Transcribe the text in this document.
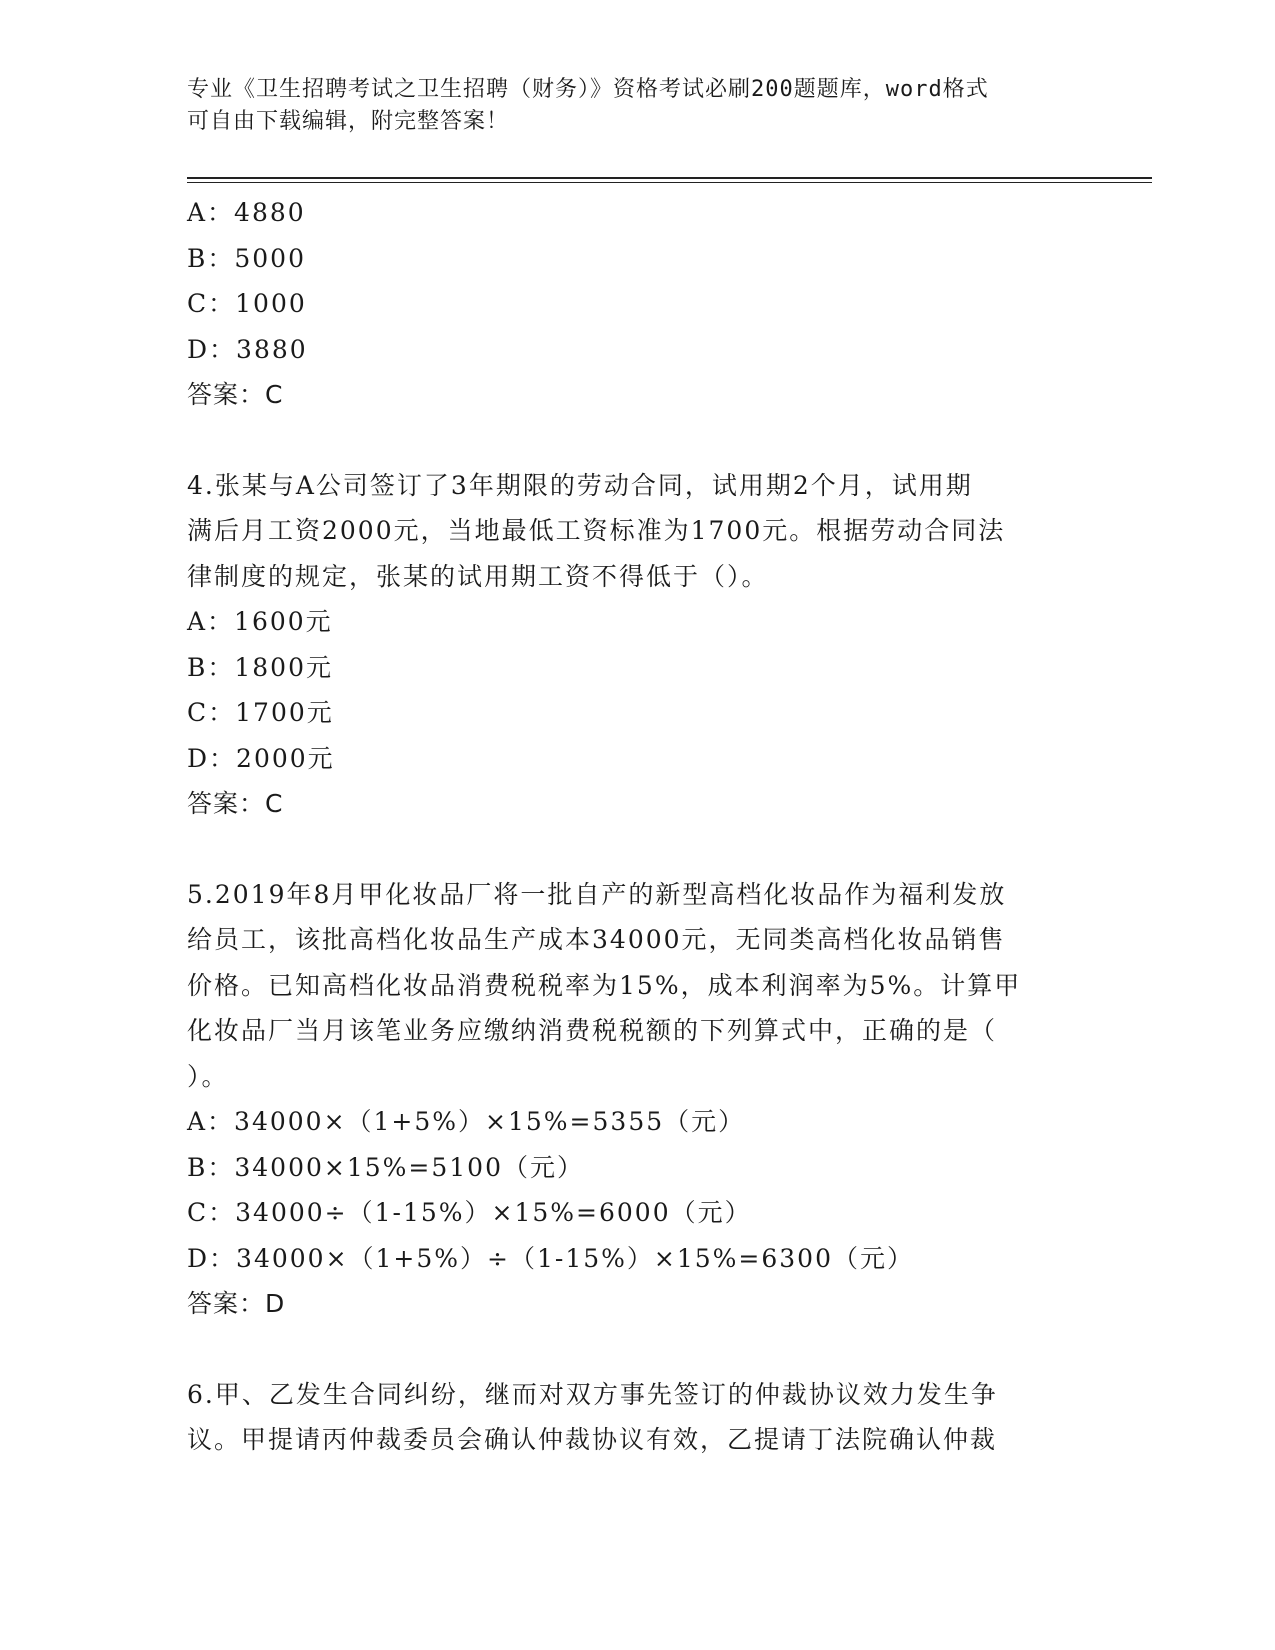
专业《卫生招聘考试之卫生招聘（财务）》资格考试必刷200题题库，word格式
可自由下载编辑，附完整答案！
A：4880
B：5000
C：1000
D：3880
答案：C
4.张某与A公司签订了3年期限的劳动合同，试用期2个月，试用期
满后月工资2000元，当地最低工资标准为1700元。根据劳动合同法
律制度的规定，张某的试用期工资不得低于（）。
A：1600元
B：1800元
C：1700元
D：2000元
答案：C
5.2019年8月甲化妆品厂将一批自产的新型高档化妆品作为福利发放
给员工，该批高档化妆品生产成本34000元，无同类高档化妆品销售
价格。已知高档化妆品消费税税率为15%，成本利润率为5%。计算甲
化妆品厂当月该笔业务应缴纳消费税税额的下列算式中，正确的是（
）。
A：34000×（1+5%）×15%=5355（元）
B：34000×15%=5100（元）
C：34000÷（1-15%）×15%=6000（元）
D：34000×（1+5%）÷（1-15%）×15%=6300（元）
答案：D
6.甲、乙发生合同纠纷，继而对双方事先签订的仲裁协议效力发生争
议。甲提请丙仲裁委员会确认仲裁协议有效，乙提请丁法院确认仲裁
